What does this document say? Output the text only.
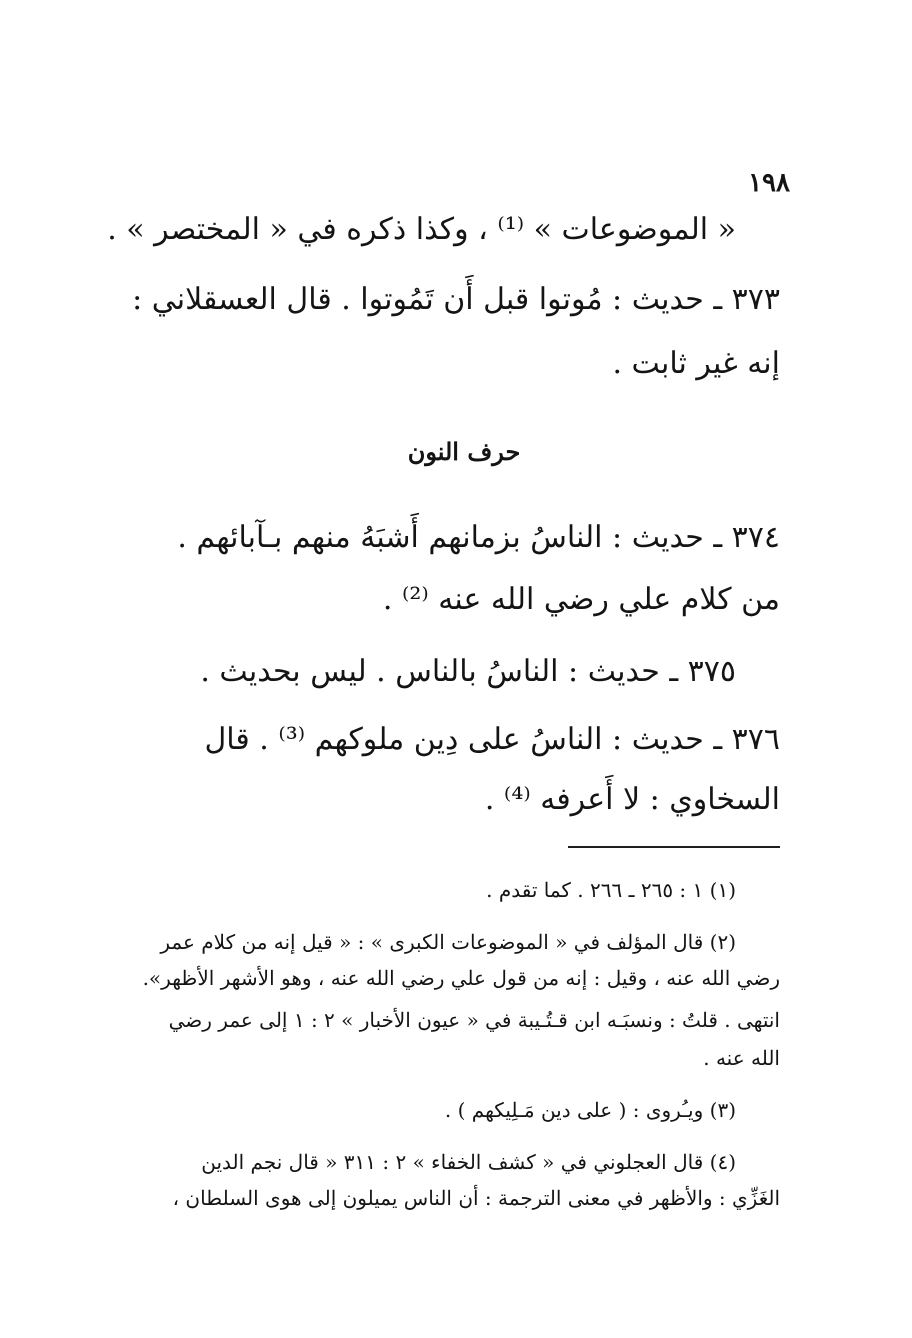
١٩٨
« الموضوعات » ⁽¹⁾ ، وكذا ذكره في « المختصر » .
٣٧٣ ـ حديث : مُوتوا قبل أَن تَمُوتوا . قال العسقلاني :
إنه غير ثابت .
حرف النون
٣٧٤ ـ حديث : الناسُ بزمانهم أَشبَهُ منهم بـآبائهم .
من كلام علي رضي الله عنه ⁽²⁾ .
٣٧٥ ـ حديث : الناسُ بالناس . ليس بحديث .
٣٧٦ ـ حديث : الناسُ على دِين ملوكهم ⁽³⁾ . قال
السخاوي : لا أَعرفه ⁽⁴⁾ .
(١) ١ : ٢٦٥ ـ ٢٦٦ . كما تقدم .
(٢) قال المؤلف في « الموضوعات الكبرى » : « قيل إنه من كلام عمر
رضي الله عنه ، وقيل : إنه من قول علي رضي الله عنه ، وهو الأشهر الأظهر».
انتهى . قلتُ : ونسبَـه ابن قـتُـيبة في « عيون الأخبار » ٢ : ١ إلى عمر رضي
الله عنه .
(٣) ويـُروى : ( على دين مَـلِيكهم ) .
(٤) قال العجلوني في « كشف الخفاء » ٢ : ٣١١ « قال نجم الدين
الغَزِّي : والأظهر في معنى الترجمة : أن الناس يميلون إلى هوى السلطان ،
